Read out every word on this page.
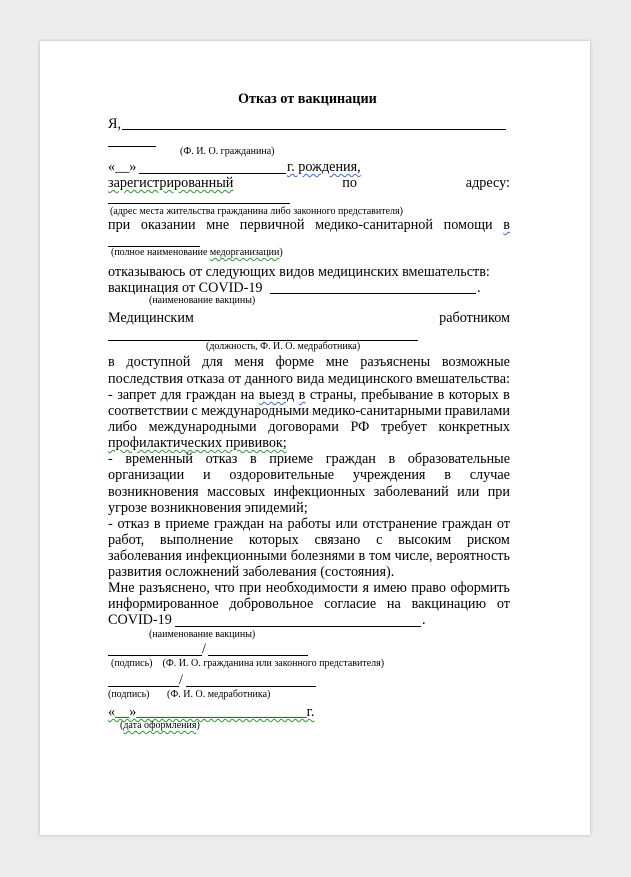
Отказ от вакцинации
Я,
(Ф. И. О. гражданина)
«__»	г. рождения,
зарегистрированный	по	адресу:
(адрес места жительства гражданина либо законного представителя)
при оказании мне первичной медико-санитарной помощи в
(полное наименование медорганизации)
отказываюсь от следующих видов медицинских вмешательств:
вакцинация от COVID-19	.
(наименование вакцины)
Медицинским	работником
(должность, Ф. И. О. медработника)
в доступной для меня форме мне разъяснены возможные
последствия отказа от данного вида медицинского вмешательства:
- запрет для граждан на выезд в страны, пребывание в которых в
соответствии с международными медико-санитарными правилами
либо международными договорами РФ требует конкретных
профилактических прививок;
- временный отказ в приеме граждан в образовательные
организации и оздоровительные учреждения в случае
возникновения массовых инфекционных заболеваний или при
угрозе возникновения эпидемий;
- отказ в приеме граждан на работы или отстранение граждан от
работ, выполнение которых связано с высоким риском
заболевания инфекционными болезнями в том числе, вероятность
развития осложнений заболевания (состояния).
Мне разъяснено, что при необходимости я имею право оформить
информированное добровольное согласие на вакцинацию от
COVID-19	.
(наименование вакцины)
/
(подпись)    (Ф. И. О. гражданина или законного представителя)
/
(подпись)       (Ф. И. О. медработника)
«__»________________________г.
(дата оформления)
